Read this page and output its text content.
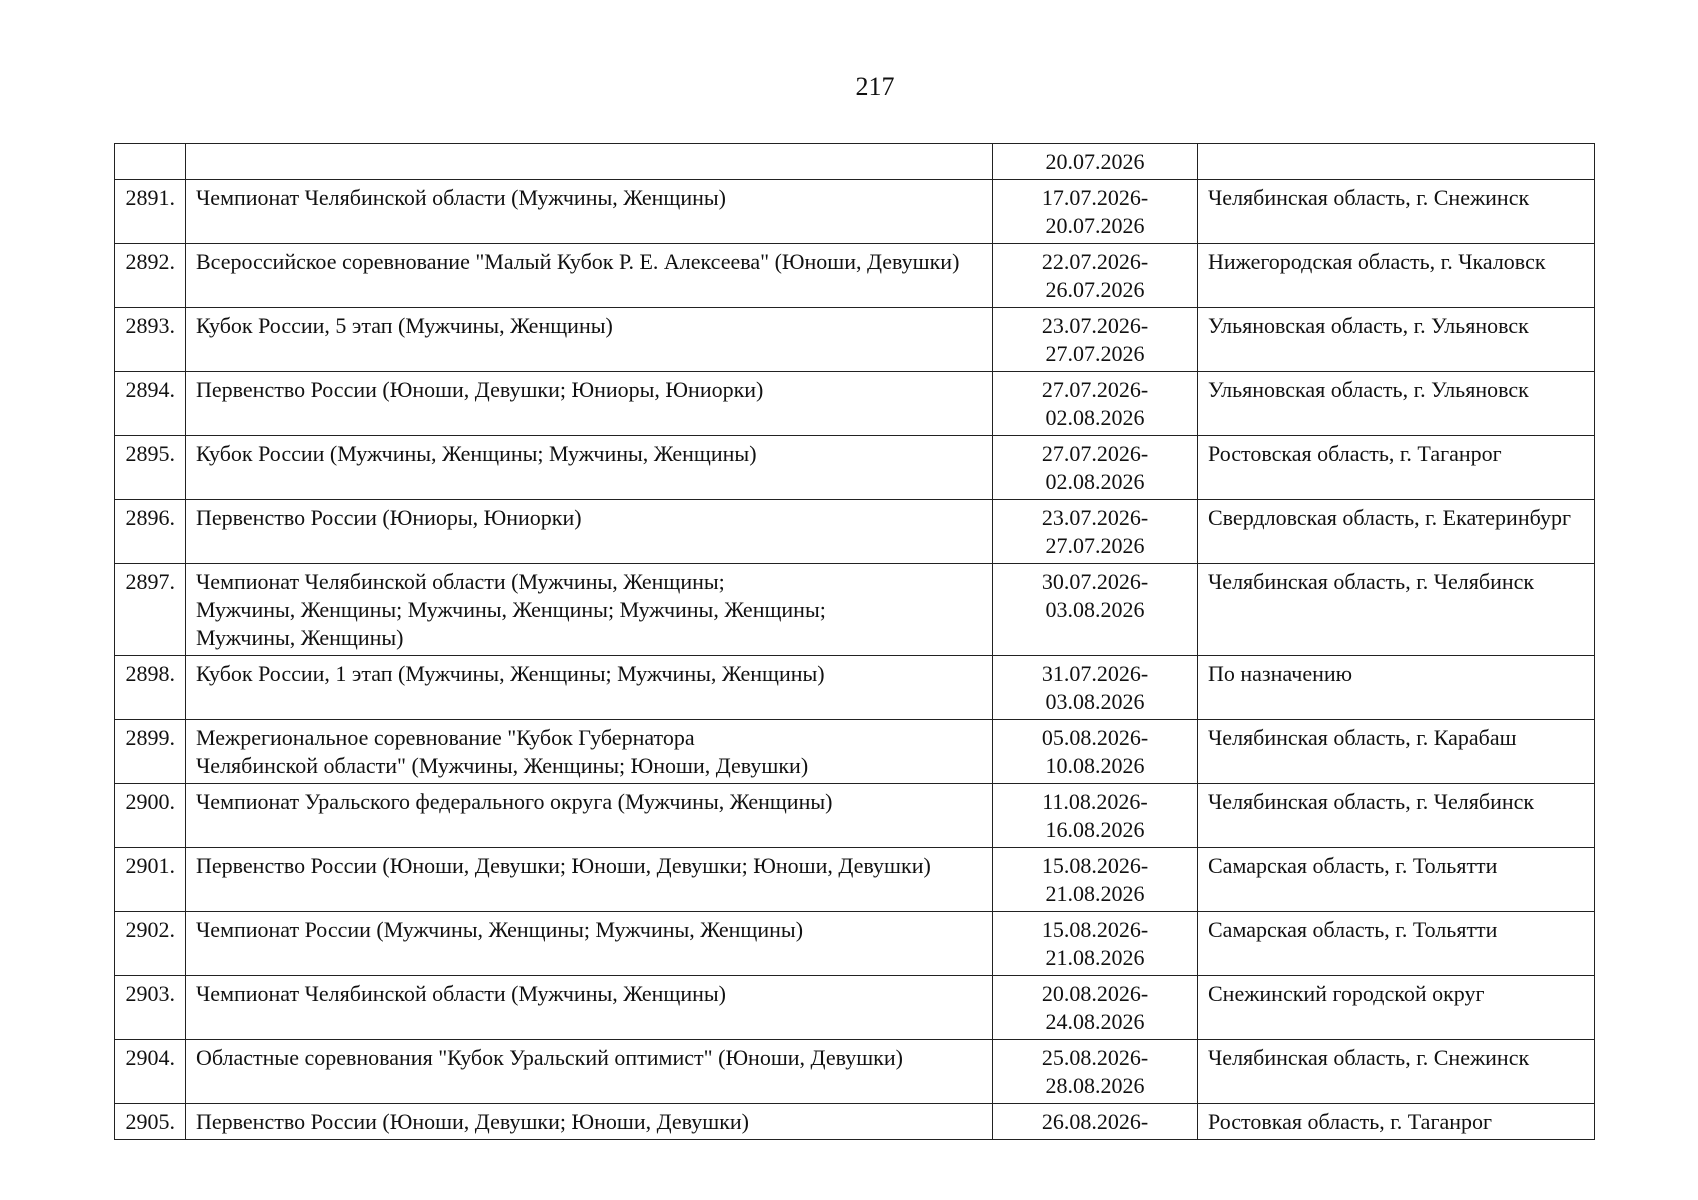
217
		20.07.2026	
2891.	Чемпионат Челябинской области (Мужчины, Женщины)	17.07.2026-
20.07.2026	Челябинская область, г. Снежинск
2892.	Всероссийское соревнование "Малый Кубок Р. Е. Алексеева" (Юноши, Девушки)	22.07.2026-
26.07.2026	Нижегородская область, г. Чкаловск
2893.	Кубок России, 5 этап (Мужчины, Женщины)	23.07.2026-
27.07.2026	Ульяновская область, г. Ульяновск
2894.	Первенство России (Юноши, Девушки; Юниоры, Юниорки)	27.07.2026-
02.08.2026	Ульяновская область, г. Ульяновск
2895.	Кубок России (Мужчины, Женщины; Мужчины, Женщины)	27.07.2026-
02.08.2026	Ростовская область, г. Таганрог
2896.	Первенство России (Юниоры, Юниорки)	23.07.2026-
27.07.2026	Свердловская область, г. Екатеринбург
2897.	Чемпионат Челябинской области (Мужчины, Женщины;
Мужчины, Женщины; Мужчины, Женщины; Мужчины, Женщины;
Мужчины, Женщины)	30.07.2026-
03.08.2026	Челябинская область, г. Челябинск
2898.	Кубок России, 1 этап (Мужчины, Женщины; Мужчины, Женщины)	31.07.2026-
03.08.2026	По назначению
2899.	Межрегиональное соревнование "Кубок Губернатора
Челябинской области" (Мужчины, Женщины; Юноши, Девушки)	05.08.2026-
10.08.2026	Челябинская область, г. Карабаш
2900.	Чемпионат Уральского федерального округа (Мужчины, Женщины)	11.08.2026-
16.08.2026	Челябинская область, г. Челябинск
2901.	Первенство России (Юноши, Девушки; Юноши, Девушки; Юноши, Девушки)	15.08.2026-
21.08.2026	Самарская область, г. Тольятти
2902.	Чемпионат России (Мужчины, Женщины; Мужчины, Женщины)	15.08.2026-
21.08.2026	Самарская область, г. Тольятти
2903.	Чемпионат Челябинской области (Мужчины, Женщины)	20.08.2026-
24.08.2026	Снежинский городской округ
2904.	Областные соревнования "Кубок Уральский оптимист" (Юноши, Девушки)	25.08.2026-
28.08.2026	Челябинская область, г. Снежинск
2905.	Первенство России (Юноши, Девушки; Юноши, Девушки)	26.08.2026-	Ростовкая область, г. Таганрог
